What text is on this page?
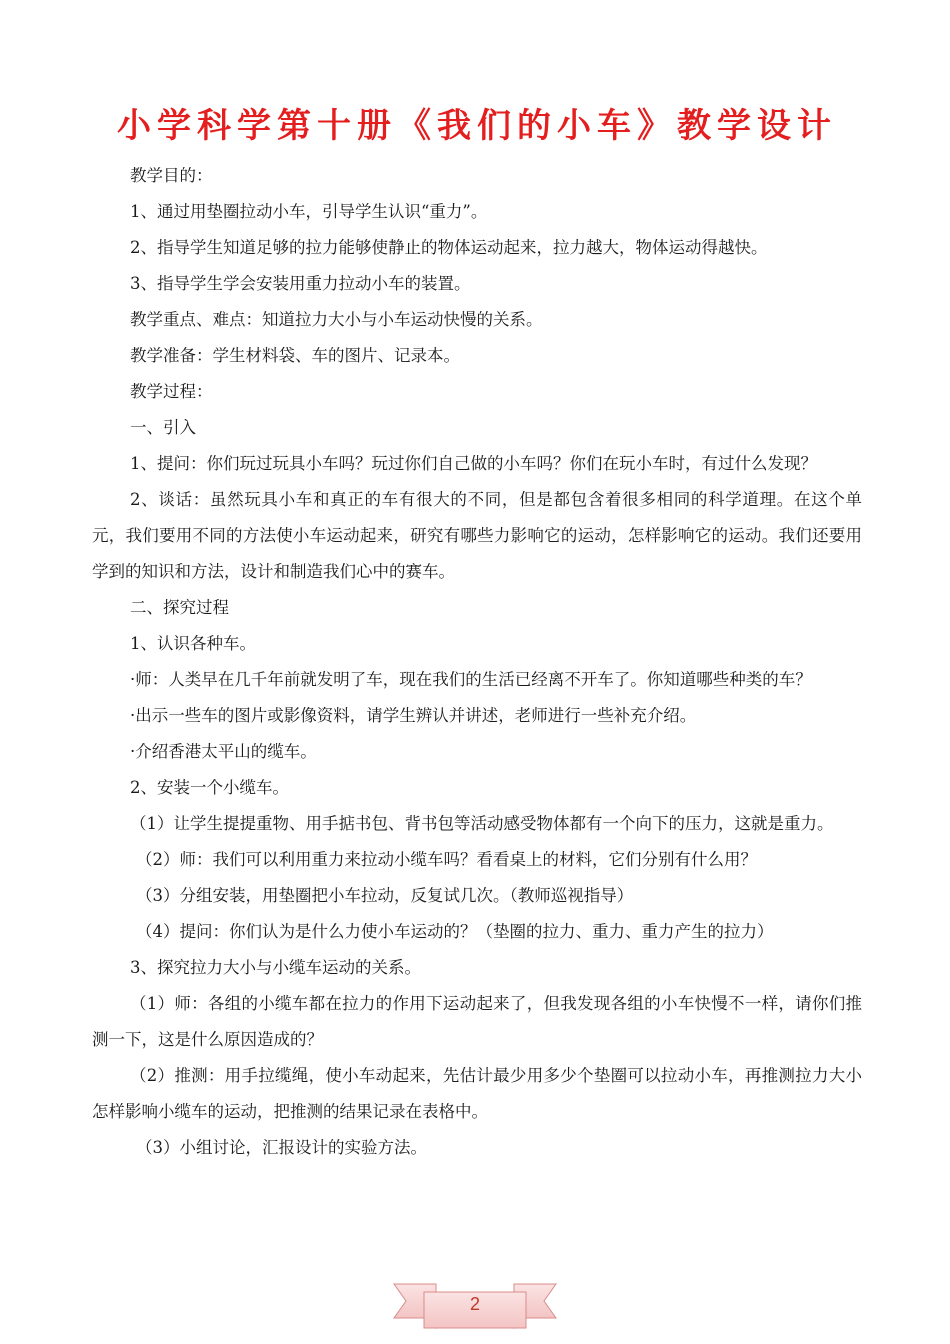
小学科学第十册《我们的小车》教学设计
教学目的：
1、通过用垫圈拉动小车，引导学生认识“重力”。
2、指导学生知道足够的拉力能够使静止的物体运动起来，拉力越大，物体运动得越快。
3、指导学生学会安装用重力拉动小车的装置。
教学重点、难点：知道拉力大小与小车运动快慢的关系。
教学准备：学生材料袋、车的图片、记录本。
教学过程：
一、引入

1、提问：你们玩过玩具小车吗？玩过你们自己做的小车吗？你们在玩小车时，有过什么发现？

2、谈话：虽然玩具小车和真正的车有很大的不同，但是都包含着很多相同的科学道理。在这个单元，我们要用不同的方法使小车运动起来，研究有哪些力影响它的运动，怎样影响它的运动。我们还要用学到的知识和方法，设计和制造我们心中的赛车。

二、探究过程
1、认识各种车。

·师：人类早在几千年前就发明了车，现在我们的生活已经离不开车了。你知道哪些种类的车？

·出示一些车的图片或影像资料，请学生辨认并讲述，老师进行一些补充介绍。
·介绍香港太平山的缆车。
2、安装一个小缆车。

（1）让学生提提重物、用手掂书包、背书包等活动感受物体都有一个向下的压力，这就是重力。

（2）师：我们可以利用重力来拉动小缆车吗？看看桌上的材料，它们分别有什么用？
（3）分组安装，用垫圈把小车拉动，反复试几次。（教师巡视指导）
（4）提问：你们认为是什么力使小车运动的？（垫圈的拉力、重力、重力产生的拉力）
3、探究拉力大小与小缆车运动的关系。

（1）师：各组的小缆车都在拉力的作用下运动起来了，但我发现各组的小车快慢不一样，请你们推测一下，这是什么原因造成的？

（2）推测：用手拉缆绳，使小车动起来，先估计最少用多少个垫圈可以拉动小车，再推测拉力大小怎样影响小缆车的运动，把推测的结果记录在表格中。

（3）小组讨论，汇报设计的实验方法。
2
